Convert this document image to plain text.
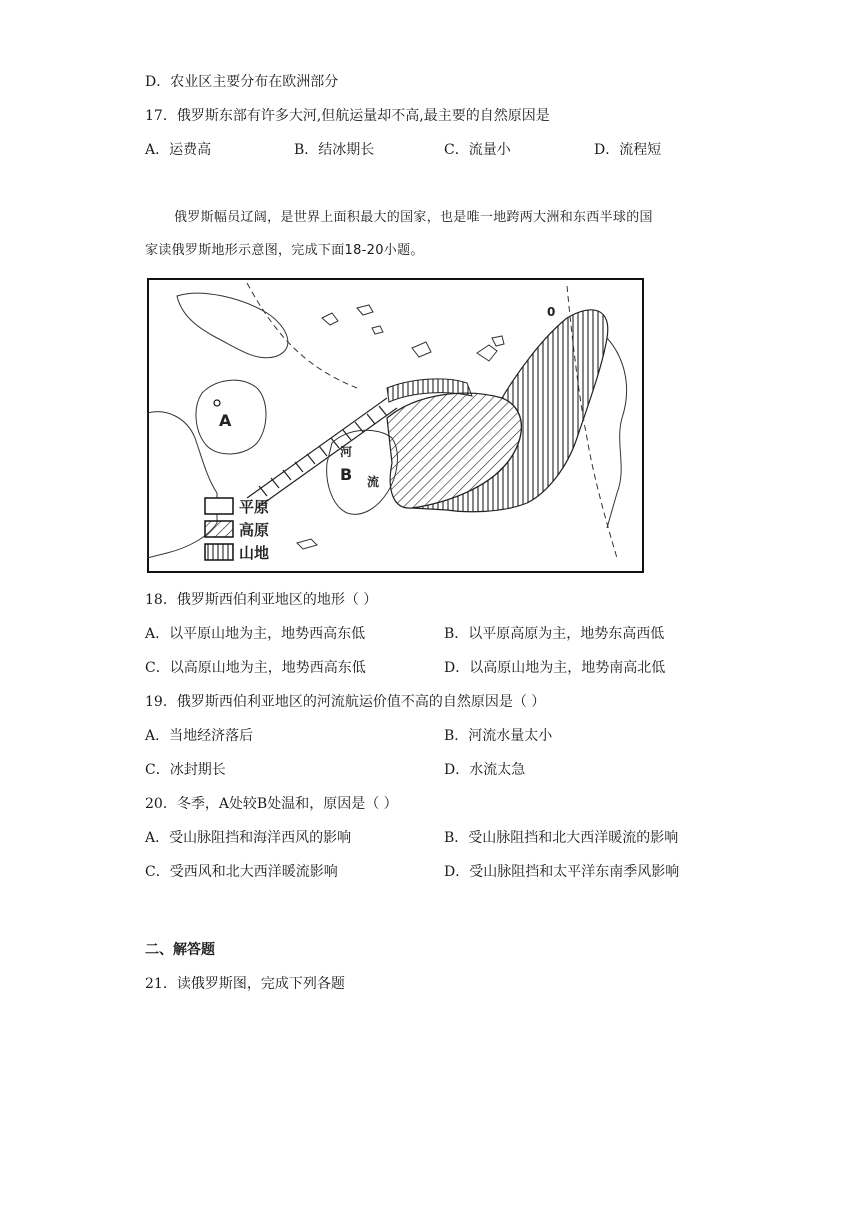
D．农业区主要分布在欧洲部分
17．俄罗斯东部有许多大河,但航运量却不高,最主要的自然原因是
A．运费高	B．结冰期长	C．流量小	D．流程短
俄罗斯幅员辽阔，是世界上面积最大的国家，也是唯一地跨两大洲和东西半球的国
家读俄罗斯地形示意图，完成下面18-20小题。
平原
高原
山地
A
B
河
流
0
18．俄罗斯西伯利亚地区的地形（ ）
A．以平原山地为主，地势西高东低	B．以平原高原为主，地势东高西低
C．以高原山地为主，地势西高东低	D．以高原山地为主，地势南高北低
19．俄罗斯西伯利亚地区的河流航运价值不高的自然原因是（ ）
A．当地经济落后	B．河流水量太小
C．冰封期长	D．水流太急
20．冬季，A处较B处温和，原因是（ ）
A．受山脉阻挡和海洋西风的影响	B．受山脉阻挡和北大西洋暖流的影响
C．受西风和北大西洋暖流影响	D．受山脉阻挡和太平洋东南季风影响
二、解答题
21．读俄罗斯图，完成下列各题
